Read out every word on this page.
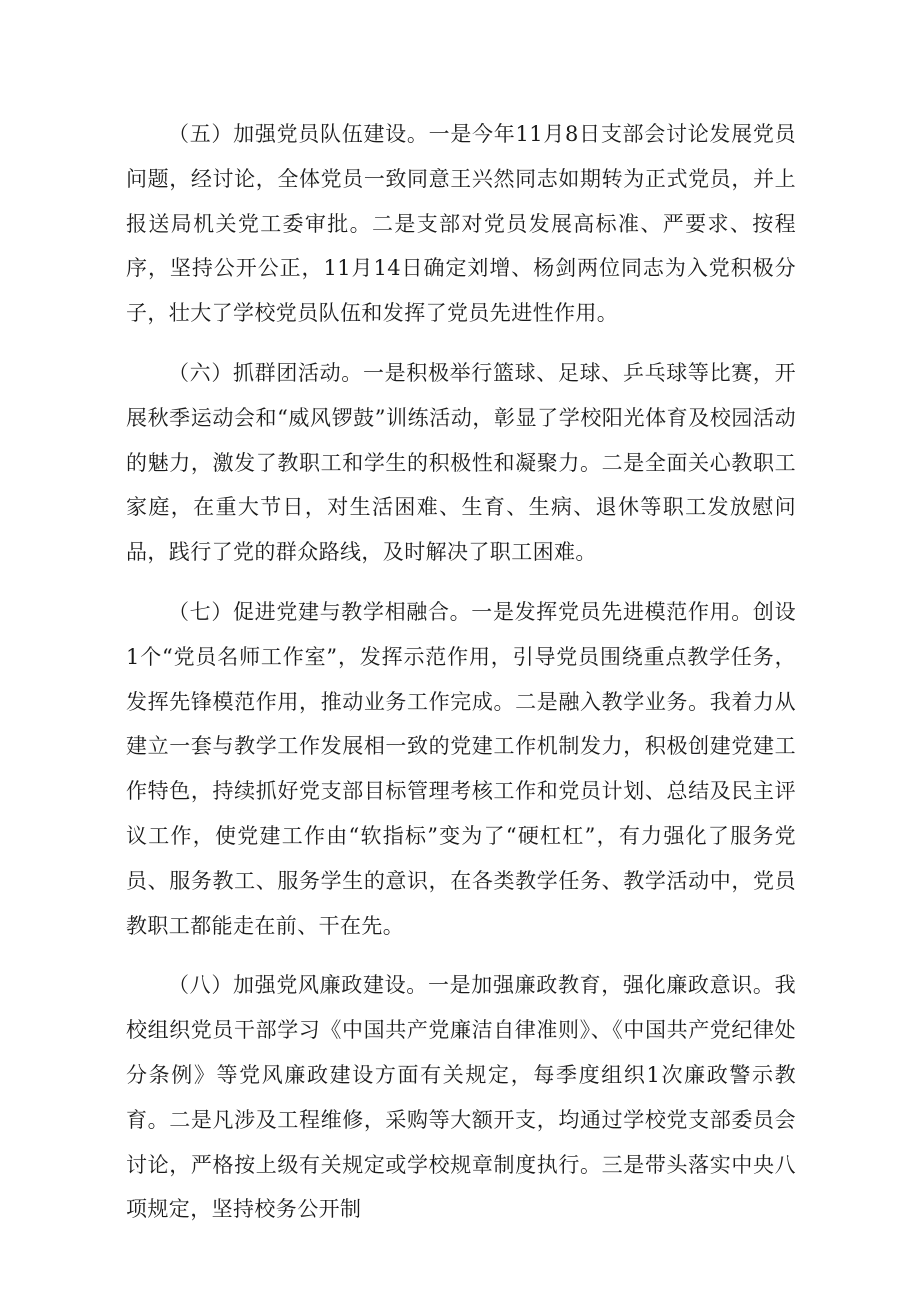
（五）加强党员队伍建设。一是今年11月8日支部会讨论发展党员问题，经讨论，全体党员一致同意王兴然同志如期转为正式党员，并上报送局机关党工委审批。二是支部对党员发展高标准、严要求、按程序，坚持公开公正，11月14日确定刘增、杨剑两位同志为入党积极分子，壮大了学校党员队伍和发挥了党员先进性作用。

（六）抓群团活动。一是积极举行篮球、足球、乒乓球等比赛，开展秋季运动会和“威风锣鼓”训练活动，彰显了学校阳光体育及校园活动的魅力，激发了教职工和学生的积极性和凝聚力。二是全面关心教职工家庭，在重大节日，对生活困难、生育、生病、退休等职工发放慰问品，践行了党的群众路线，及时解决了职工困难。

（七）促进党建与教学相融合。一是发挥党员先进模范作用。创设1个“党员名师工作室”，发挥示范作用，引导党员围绕重点教学任务，发挥先锋模范作用，推动业务工作完成。二是融入教学业务。我着力从建立一套与教学工作发展相一致的党建工作机制发力，积极创建党建工作特色，持续抓好党支部目标管理考核工作和党员计划、总结及民主评议工作，使党建工作由“软指标”变为了“硬杠杠”，有力强化了服务党员、服务教工、服务学生的意识，在各类教学任务、教学活动中，党员教职工都能走在前、干在先。

（八）加强党风廉政建设。一是加强廉政教育，强化廉政意识。我校组织党员干部学习《中国共产党廉洁自律准则》、《中国共产党纪律处分条例》等党风廉政建设方面有关规定，每季度组织1次廉政警示教育。二是凡涉及工程维修，采购等大额开支，均通过学校党支部委员会讨论，严格按上级有关规定或学校规章制度执行。三是带头落实中央八项规定，坚持校务公开制
